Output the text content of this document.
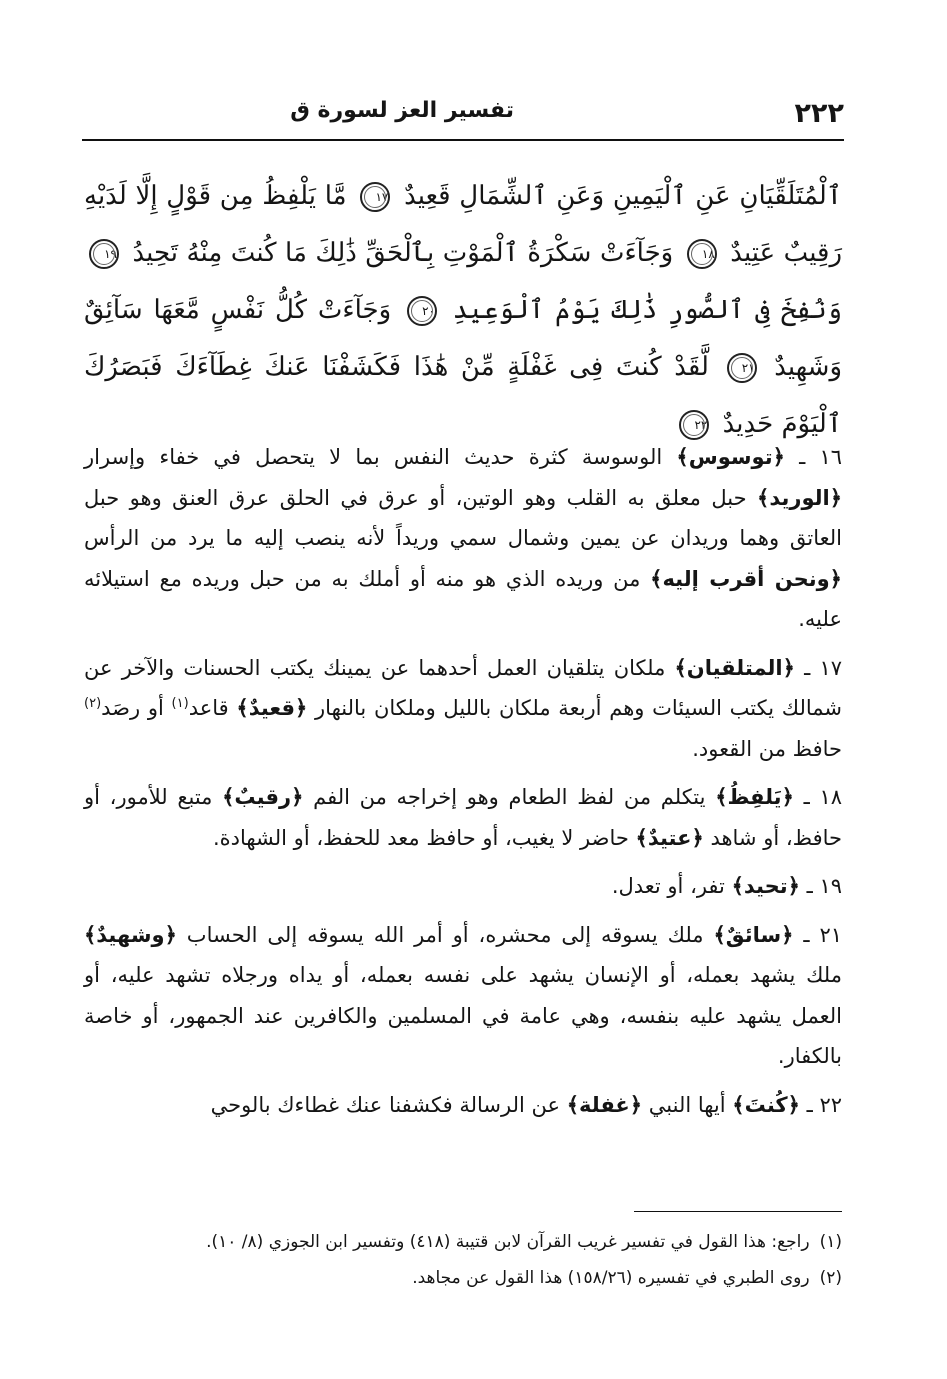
٢٢٢
تفسير العز لسورة ق
ٱلْمُتَلَقِّيَانِ عَنِ ٱلْيَمِينِ وَعَنِ ٱلشِّمَالِ قَعِيدٌ ١٧ مَّا يَلْفِظُ مِن قَوْلٍ إِلَّا لَدَيْهِ رَقِيبٌ عَتِيدٌ ١٨ وَجَآءَتْ سَكْرَةُ ٱلْمَوْتِ بِٱلْحَقِّ ذَٰلِكَ مَا كُنتَ مِنْهُ تَحِيدُ ١٩ وَنُفِخَ فِى ٱلصُّورِ ذَٰلِكَ يَوْمُ ٱلْوَعِيدِ ٢٠ وَجَآءَتْ كُلُّ نَفْسٍ مَّعَهَا سَآئِقٌ وَشَهِيدٌ ٢١ لَّقَدْ كُنتَ فِى غَفْلَةٍ مِّنْ هَٰذَا فَكَشَفْنَا عَنكَ غِطَآءَكَ فَبَصَرُكَ ٱلْيَوْمَ حَدِيدٌ ٢٢

١٦ ـ ﴿توسوس﴾ الوسوسة كثرة حديث النفس بما لا يتحصل في خفاء وإسرار ﴿الوريد﴾ حبل معلق به القلب وهو الوتين، أو عرق في الحلق عرق العنق وهو حبل العاتق وهما وريدان عن يمين وشمال سمي وريداً لأنه ينصب إليه ما يرد من الرأس ﴿ونحن أقرب إليه﴾ من وريده الذي هو منه أو أملك به من حبل وريده مع استيلائه عليه.

١٧ ـ ﴿المتلقيان﴾ ملكان يتلقيان العمل أحدهما عن يمينك يكتب الحسنات والآخر عن شمالك يكتب السيئات وهم أربعة ملكان بالليل وملكان بالنهار ﴿قعيدٌ﴾ قاعد$^{(١)}$ أو رصَد$^{(٢)}$ حافظ من القعود.

١٨ ـ ﴿يَلفِظُ﴾ يتكلم من لفظ الطعام وهو إخراجه من الفم ﴿رقيبٌ﴾ متبع للأمور، أو حافظ، أو شاهد ﴿عتيدٌ﴾ حاضر لا يغيب، أو حافظ معد للحفظ، أو الشهادة.

١٩ ـ ﴿تحيد﴾ تفر، أو تعدل.

٢١ ـ ﴿سائقٌ﴾ ملك يسوقه إلى محشره، أو أمر الله يسوقه إلى الحساب ﴿وشهيدٌ﴾ ملك يشهد بعمله، أو الإنسان يشهد على نفسه بعمله، أو يداه ورجلاه تشهد عليه، أو العمل يشهد عليه بنفسه، وهي عامة في المسلمين والكافرين عند الجمهور، أو خاصة بالكفار.

٢٢ ـ ﴿كُنتَ﴾ أيها النبي ﴿غفلة﴾ عن الرسالة فكشفنا عنك غطاءك بالوحي

(١)راجع: هذا القول في تفسير غريب القرآن لابن قتيبة (٤١٨) وتفسير ابن الجوزي (٨/ ١٠).
(٢)روى الطبري في تفسيره (١٥٨/٢٦) هذا القول عن مجاهد.
